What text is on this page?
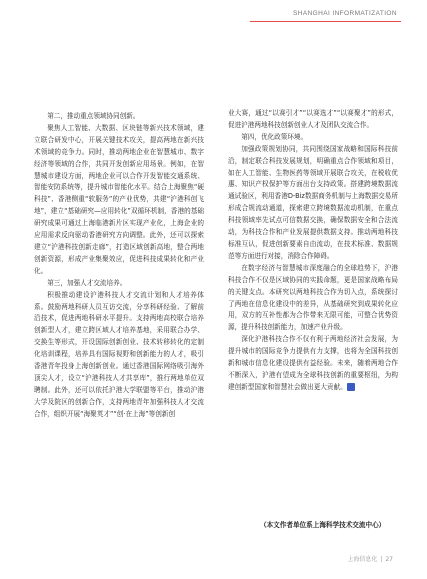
SHANGHAI INFORMATIZATION

第二，推动重点领域协同创新。

聚焦人工智能、大数据、区块链等新兴技术领域，建立联合研发中心，开展关键技术攻关，提高两地在新兴技术领域的竞争力。同时，推动两地企业在智慧城市、数字经济等领域的合作，共同开发创新应用场景。例如，在智慧城市建设方面，两地企业可以合作开发智能交通系统、智能安防系统等，提升城市智能化水平。结合上海聚焦“硬科技”、香港侧重“软服务”的产业优势，共建“沪港科创飞地”，建立“基础研究—应用转化”双循环机制，香港的基础研究成果可通过上海临港新片区实现产业化，上海企业的应用需求反向驱动香港研究方向调整。此外，还可以探索建立“沪港科技创新走廊”，打造区域创新高地，整合两地创新资源，形成产业集聚效应，促进科技成果转化和产业化。

第三，加强人才交流培养。

积极推动建设沪港科技人才交流计划和人才培养体系。鼓励两地科研人员互访交流，分享科研经验、了解前沿技术，促进两地科研水平提升。支持两地高校联合培养创新型人才，建立跨区域人才培养基地，采用联合办学、交换生等形式，开设国际创新创业、技术转移转化的定制化培训课程，培养具有国际视野和创新能力的人才，吸引香港青年投身上海创新创业。通过香港国际网络吸引海外顶尖人才，设立“沪港科技人才共享库”，推行两地单位双聘制。此外，还可以依托沪港大学联盟等平台，推动沪港大学及院区的创新合作，支持两地青年加强科技人才交流合作，组织开展“海聚英才”“创·在上海”等创新创

业大赛，通过“以赛引才”“以赛选才”“以赛聚才”的形式，促进沪港两地科技创新创业人才及团队交流合作。

第四，优化政策环境。

加强政策规划协同，共同围绕国家战略和国际科技前沿，制定联合科技发展规划，明确重点合作领域和项目，如在人工智能、生物医药等领域开展联合攻关，在税收优惠、知识产权保护等方面出台支持政策。搭建跨境数据流通试验区，利用香港D-Biz数据商务机制与上海数据交易所形成合规流动通道，探索建立跨境数据流动机制，在重点科技领域率先试点可信数据交换，确保数据安全和合法流动，为科技合作和产业发展提供数据支持。推动两地科技标准互认，促进创新要素自由流动，在技术标准、数据规范等方面进行对接，消除合作障碍。

在数字经济与智慧城市深度融合的全球趋势下，沪港科技合作不仅是区域协同的实践命题，更是国家战略布局的关键支点。本研究以两地科技合作为切入点，系统探讨了两地在信息化建设中的差异，从基础研究到成果转化应用，双方的互补性都为合作带来无限可能，可整合优势资源，提升科技创新能力，加速产业升级。

深化沪港科技合作不仅有利于两地经济社会发展，为提升城市的国际竞争力提供有力支撑，也将为全国科技创新和城市信息化建设提供有益经验。未来，随着两地合作不断深入，沪港有望成为全球科技创新的重要枢纽，为构建创新型国家和智慧社会做出更大贡献。 ◆

（本文作者单位系上海科学技术交流中心）
上海信息化 | 27
